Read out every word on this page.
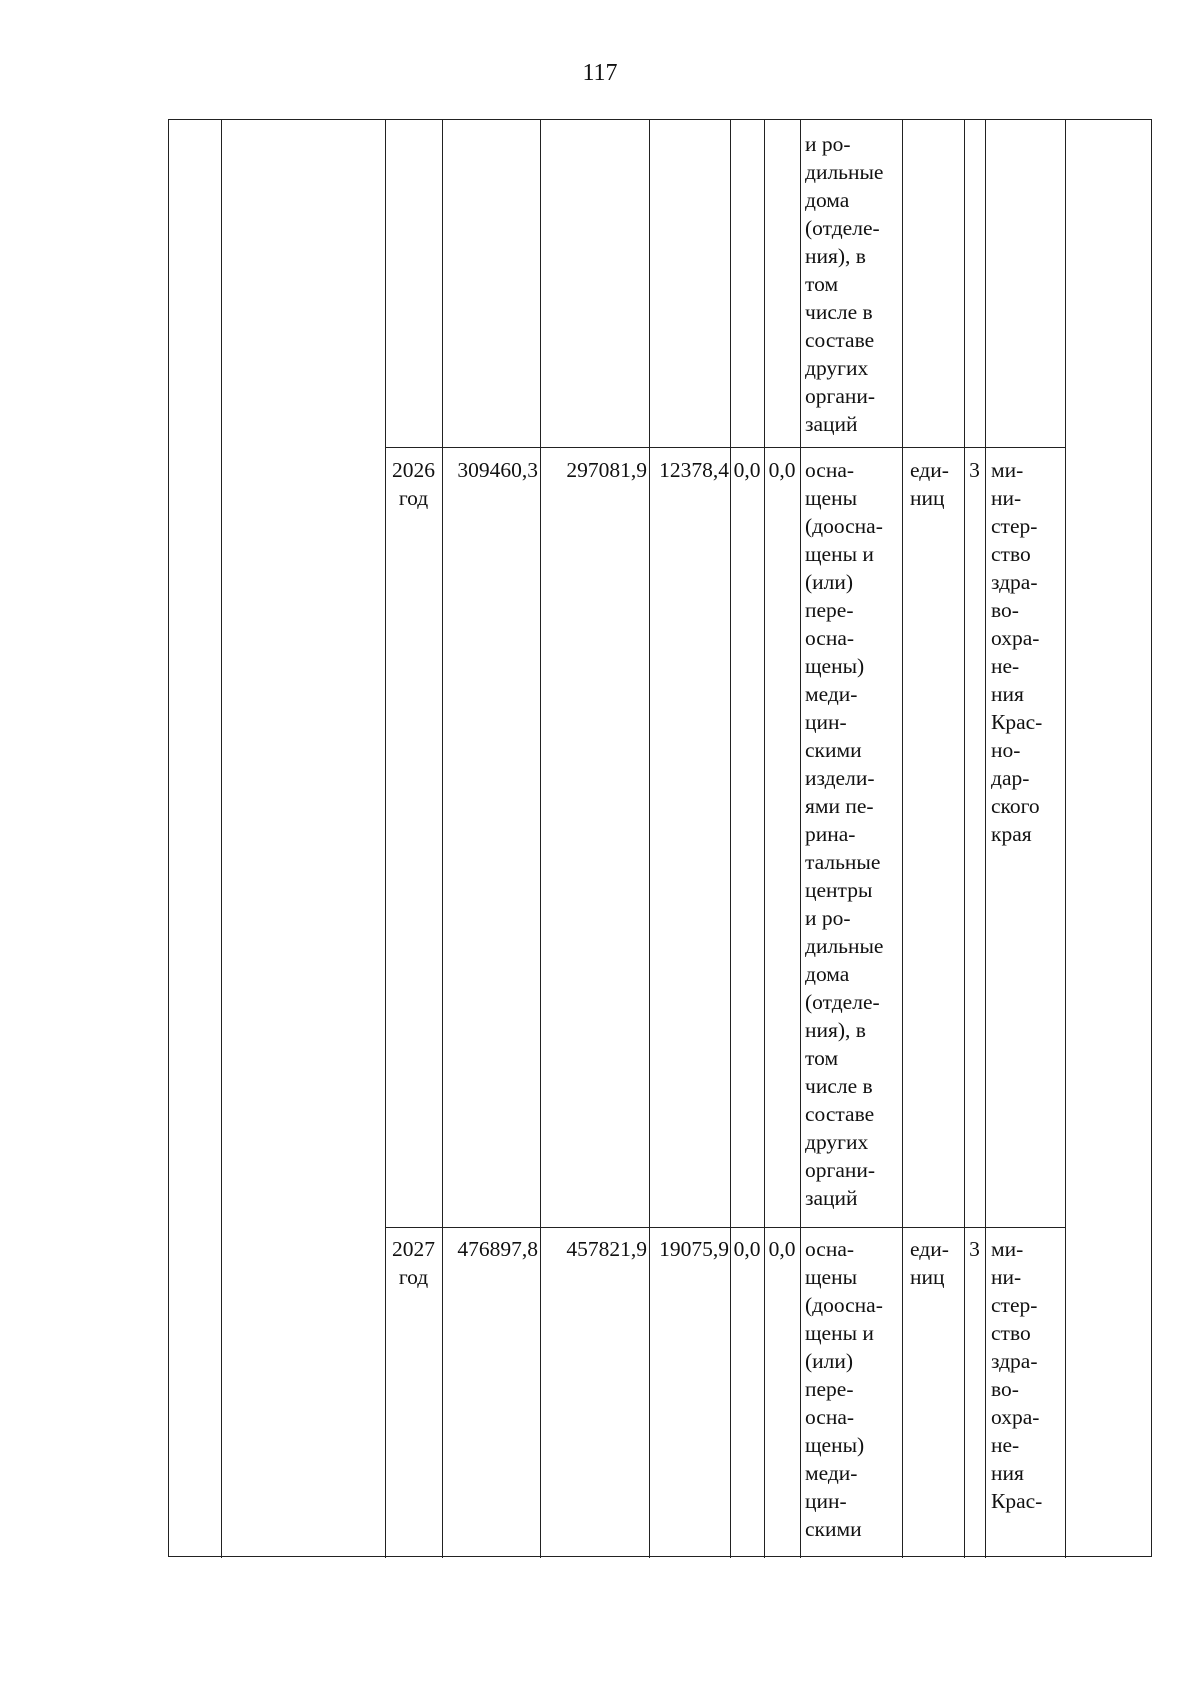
117
и ро-
дильные
дома
(отделе-
ния), в
том
числе в
составе
других
органи-
заций
2026
год
309460,3	297081,9 12378,4 0,0 0,0 осна-
щены
(доосна-
щены и
(или)
пере-
осна-
щены)
меди-
цин-
скими
издели-
ями пе-
рина-
тальные
центры
и ро-
дильные
дома
(отделе-
ния), в
том
числе в
составе
других
органи-
заций
еди-
ниц
3 ми-
ни-
стер-
ство
здра-
во-
охра-
не-
ния
Крас-
но-
дар-
ского
края
2027
год
476897,8	457821,9 19075,9 0,0 0,0 осна-
щены
(доосна-
щены и
(или)
пере-
осна-
щены)
меди-
цин-
скими
еди-
ниц
3 ми-
ни-
стер-
ство
здра-
во-
охра-
не-
ния
Крас-
